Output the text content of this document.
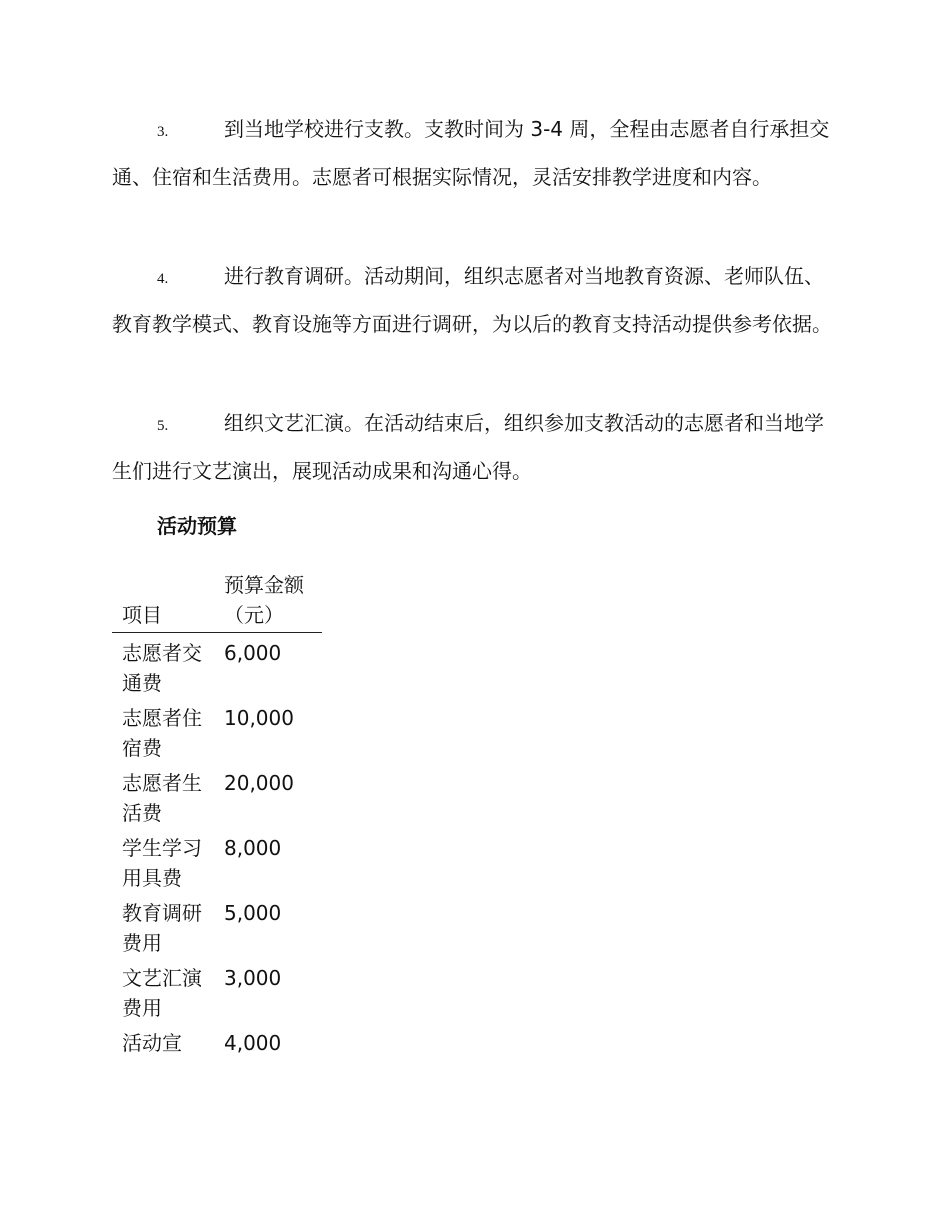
3.	到当地学校进行支教。支教时间为 3-4 周，全程由志愿者自行承担交通、住宿和生活费用。志愿者可根据实际情况，灵活安排教学进度和内容。

4.	进行教育调研。活动期间，组织志愿者对当地教育资源、老师队伍、教育教学模式、教育设施等方面进行调研，为以后的教育支持活动提供参考依据。

5.	组织文艺汇演。在活动结束后，组织参加支教活动的志愿者和当地学生们进行文艺演出，展现活动成果和沟通心得。

活动预算
项目	预算金额（元）
志愿者交通费	6,000
志愿者住宿费	10,000
志愿者生活费	20,000
学生学习用具费	8,000
教育调研费用	5,000
文艺汇演费用	3,000
活动宣	4,000
